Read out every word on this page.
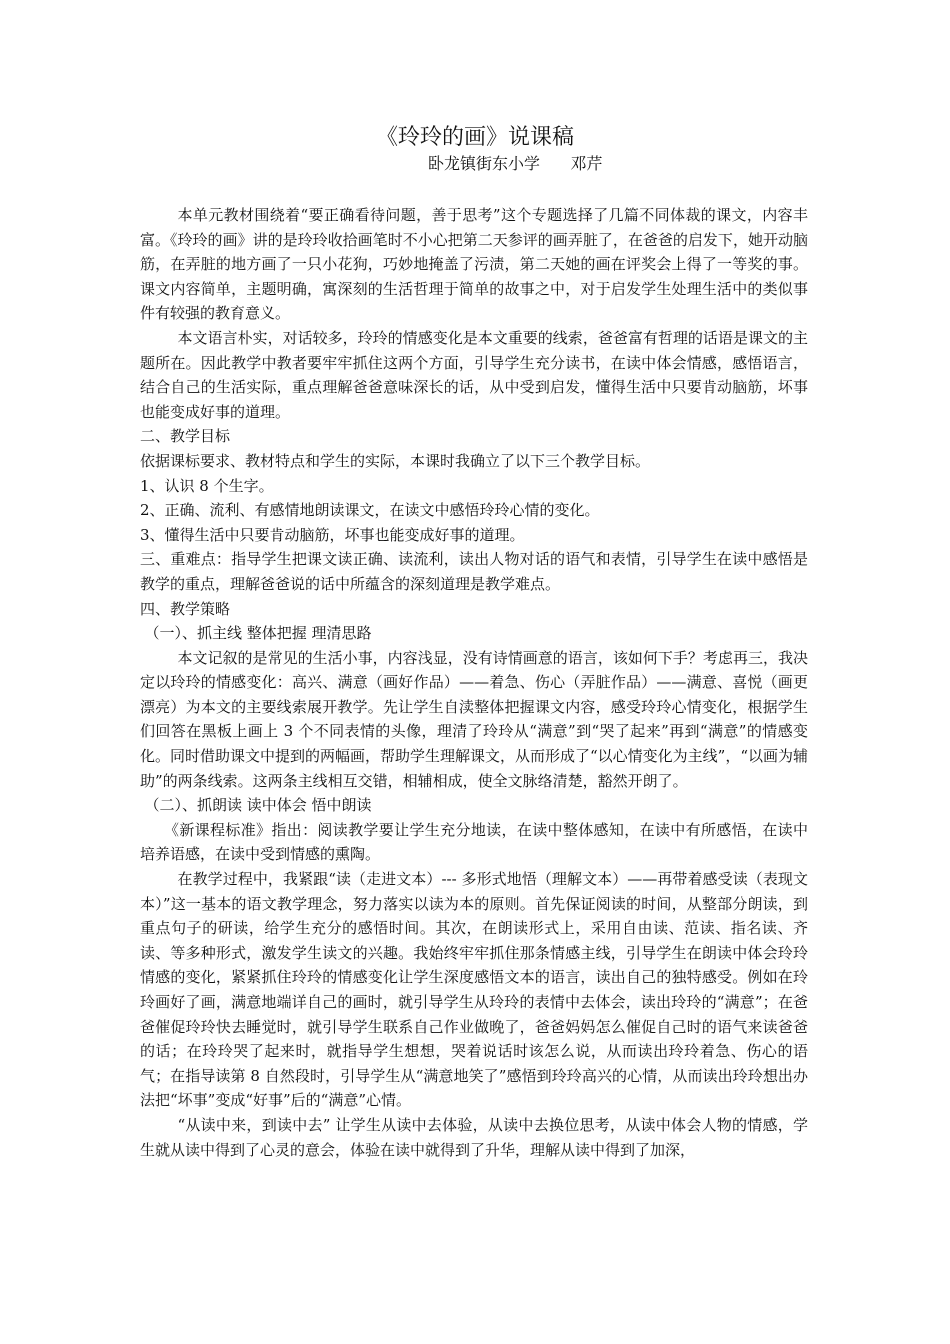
《玲玲的画》说课稿
卧龙镇街东小学      邓芹

本单元教材围绕着“要正确看待问题，善于思考”这个专题选择了几篇不同体裁的课文，内容丰富。《玲玲的画》讲的是玲玲收拾画笔时不小心把第二天参评的画弄脏了，在爸爸的启发下，她开动脑筋，在弄脏的地方画了一只小花狗，巧妙地掩盖了污渍，第二天她的画在评奖会上得了一等奖的事。课文内容简单，主题明确，寓深刻的生活哲理于简单的故事之中，对于启发学生处理生活中的类似事件有较强的教育意义。

本文语言朴实，对话较多，玲玲的情感变化是本文重要的线索，爸爸富有哲理的话语是课文的主题所在。因此教学中教者要牢牢抓住这两个方面，引导学生充分读书，在读中体会情感，感悟语言，结合自己的生活实际，重点理解爸爸意味深长的话，从中受到启发，懂得生活中只要肯动脑筋，坏事也能变成好事的道理。

二、教学目标

依据课标要求、教材特点和学生的实际，本课时我确立了以下三个教学目标。

1、认识 8 个生字。

2、正确、流利、有感情地朗读课文，在读文中感悟玲玲心情的变化。

3、懂得生活中只要肯动脑筋，坏事也能变成好事的道理。

三、重难点：指导学生把课文读正确、读流利，读出人物对话的语气和表情，引导学生在读中感悟是教学的重点，理解爸爸说的话中所蕴含的深刻道理是教学难点。

四、教学策略

（一）、抓主线 整体把握 理清思路

本文记叙的是常见的生活小事，内容浅显，没有诗情画意的语言，该如何下手？考虑再三，我决定以玲玲的情感变化：高兴、满意（画好作品）——着急、伤心（弄脏作品）——满意、喜悦（画更漂亮）为本文的主要线索展开教学。先让学生自渎整体把握课文内容，感受玲玲心情变化，根据学生们回答在黑板上画上 3 个不同表情的头像，理清了玲玲从“满意”到“哭了起来”再到“满意”的情感变化。同时借助课文中提到的两幅画，帮助学生理解课文，从而形成了“以心情变化为主线”，“以画为辅助”的两条线索。这两条主线相互交错，相辅相成，使全文脉络清楚，豁然开朗了。

（二）、抓朗读 读中体会 悟中朗读

《新课程标准》指出：阅读教学要让学生充分地读，在读中整体感知，在读中有所感悟，在读中培养语感，在读中受到情感的熏陶。

在教学过程中，我紧跟“读（走进文本）--- 多形式地悟（理解文本）——再带着感受读（表现文本）”这一基本的语文教学理念，努力落实以读为本的原则。首先保证阅读的时间，从整部分朗读，到重点句子的研读，给学生充分的感悟时间。其次，在朗读形式上，采用自由读、范读、指名读、齐读、等多种形式，激发学生读文的兴趣。我始终牢牢抓住那条情感主线，引导学生在朗读中体会玲玲情感的变化，紧紧抓住玲玲的情感变化让学生深度感悟文本的语言，读出自己的独特感受。例如在玲玲画好了画，满意地端详自己的画时，就引导学生从玲玲的表情中去体会，读出玲玲的“满意”；在爸爸催促玲玲快去睡觉时，就引导学生联系自己作业做晚了，爸爸妈妈怎么催促自己时的语气来读爸爸的话；在玲玲哭了起来时，就指导学生想想，哭着说话时该怎么说，从而读出玲玲着急、伤心的语气；在指导读第 8 自然段时，引导学生从“满意地笑了”感悟到玲玲高兴的心情，从而读出玲玲想出办法把“坏事”变成“好事”后的“满意”心情。

“从读中来，到读中去” 让学生从读中去体验，从读中去换位思考，从读中体会人物的情感，学生就从读中得到了心灵的意会，体验在读中就得到了升华，理解从读中得到了加深，
